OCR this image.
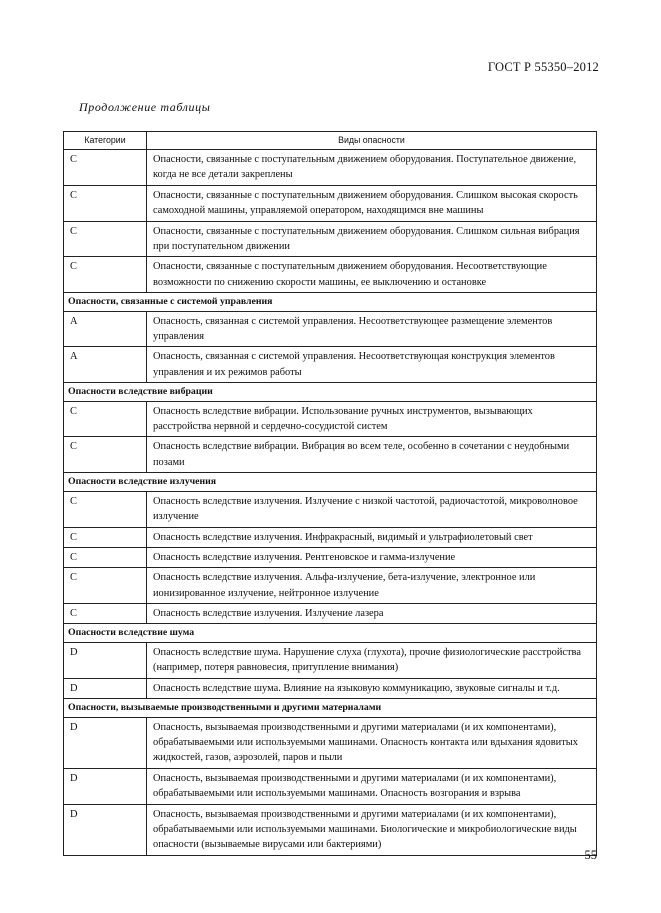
ГОСТ Р 55350–2012
Продолжение таблицы
Категории	Виды опасности
C	Опасности, связанные с поступательным движением оборудования. Поступательное движение, когда не все детали закреплены
C	Опасности, связанные с поступательным движением оборудования. Слишком высокая скорость самоходной машины, управляемой оператором, находящимся вне машины
C	Опасности, связанные с поступательным движением оборудования. Слишком сильная вибрация при поступательном движении
C	Опасности, связанные с поступательным движением оборудования. Несоответствующие возможности по снижению скорости машины, ее выключению и остановке
Опасности, связанные с системой управления	
A	Опасность, связанная с системой управления. Несоответствующее размещение элементов управления
A	Опасность, связанная с системой управления. Несоответствующая конструкция элементов управления и их режимов работы
Опасности вследствие вибрации	
C	Опасность вследствие вибрации. Использование ручных инструментов, вызывающих расстройства нервной и сердечно-сосудистой систем
C	Опасность вследствие вибрации. Вибрация во всем теле, особенно в сочетании с неудобными позами
Опасности вследствие излучения	
C	Опасность вследствие излучения. Излучение с низкой частотой, радиочастотой, микроволновое излучение
C	Опасность вследствие излучения. Инфракрасный, видимый и ультрафиолетовый свет
C	Опасность вследствие излучения. Рентгеновское и гамма-излучение
C	Опасность вследствие излучения. Альфа-излучение, бета-излучение, электронное или ионизированное излучение, нейтронное излучение
C	Опасность вследствие излучения. Излучение лазера
Опасности вследствие шума	
D	Опасность вследствие шума. Нарушение слуха (глухота), прочие физиологические расстройства (например, потеря равновесия, притупление внимания)
D	Опасность вследствие шума. Влияние на языковую коммуникацию, звуковые сигналы и т.д.
Опасности, вызываемые производственными и другими материалами	
D	Опасность, вызываемая производственными и другими материалами (и их компонентами), обрабатываемыми или используемыми машинами. Опасность контакта или вдыхания ядовитых жидкостей, газов, аэрозолей, паров и пыли
D	Опасность, вызываемая производственными и другими материалами (и их компонентами), обрабатываемыми или используемыми машинами. Опасность возгорания и взрыва
D	Опасность, вызываемая производственными и другими материалами (и их компонентами), обрабатываемыми или используемыми машинами. Биологические и микробиологические виды опасности (вызываемые вирусами или бактериями)
55
